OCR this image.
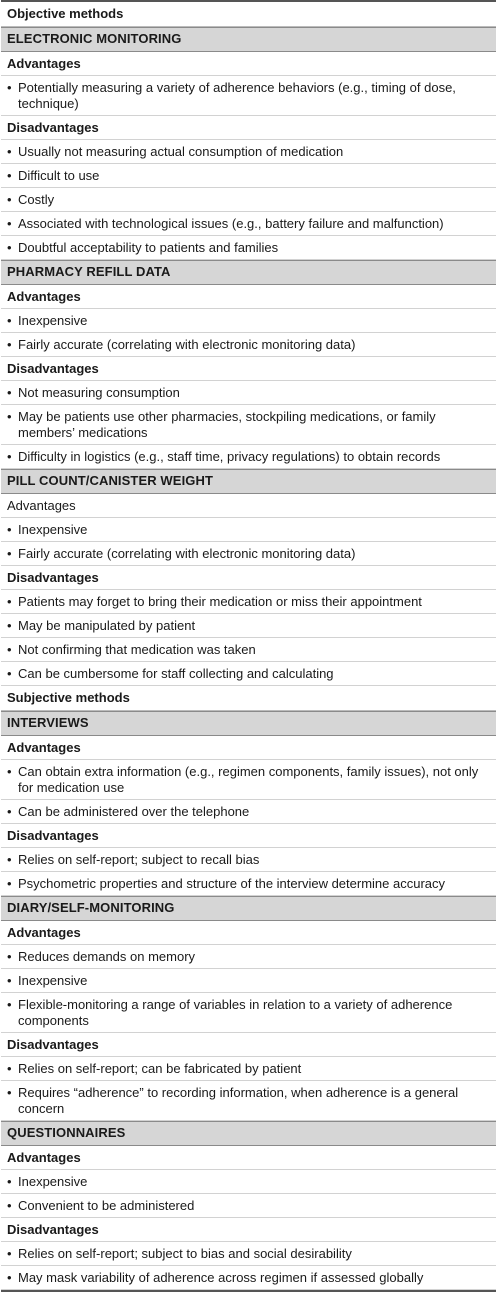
Objective methods
ELECTRONIC MONITORING
Advantages
• Potentially measuring a variety of adherence behaviors (e.g., timing of dose, technique)
Disadvantages
• Usually not measuring actual consumption of medication
• Difficult to use
• Costly
• Associated with technological issues (e.g., battery failure and malfunction)
• Doubtful acceptability to patients and families
PHARMACY REFILL DATA
Advantages
• Inexpensive
• Fairly accurate (correlating with electronic monitoring data)
Disadvantages
• Not measuring consumption
• May be patients use other pharmacies, stockpiling medications, or family members’ medications
• Difficulty in logistics (e.g., staff time, privacy regulations) to obtain records
PILL COUNT/CANISTER WEIGHT
Advantages
• Inexpensive
• Fairly accurate (correlating with electronic monitoring data)
Disadvantages
• Patients may forget to bring their medication or miss their appointment
• May be manipulated by patient
• Not confirming that medication was taken
• Can be cumbersome for staff collecting and calculating
Subjective methods
INTERVIEWS
Advantages
• Can obtain extra information (e.g., regimen components, family issues), not only for medication use
• Can be administered over the telephone
Disadvantages
• Relies on self-report; subject to recall bias
• Psychometric properties and structure of the interview determine accuracy
DIARY/SELF-MONITORING
Advantages
• Reduces demands on memory
• Inexpensive
• Flexible-monitoring a range of variables in relation to a variety of adherence components
Disadvantages
• Relies on self-report; can be fabricated by patient
• Requires “adherence” to recording information, when adherence is a general concern
QUESTIONNAIRES
Advantages
• Inexpensive
• Convenient to be administered
Disadvantages
• Relies on self-report; subject to bias and social desirability
• May mask variability of adherence across regimen if assessed globally
